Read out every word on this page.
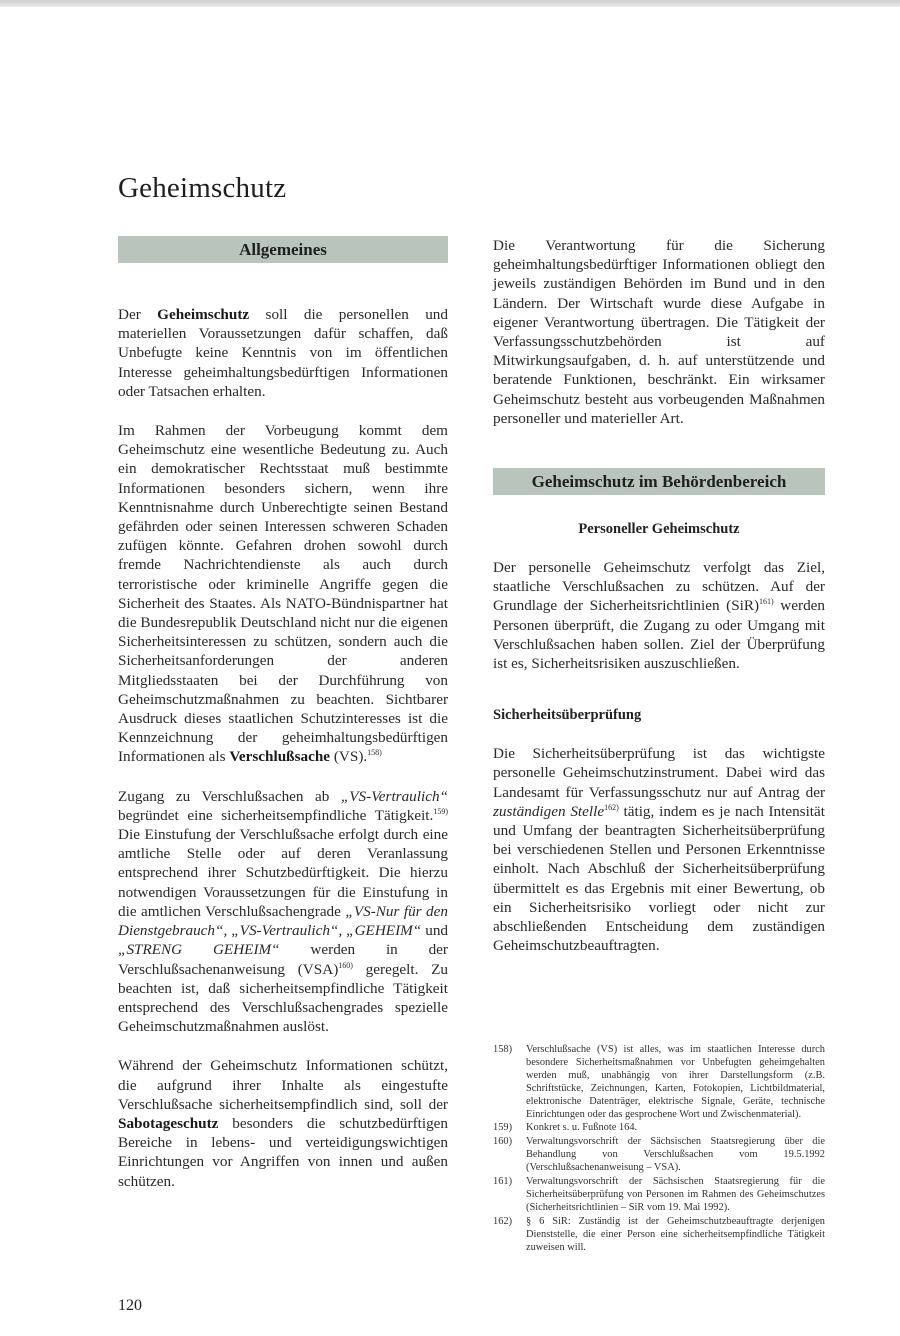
Geheimschutz
Allgemeines

Der Geheimschutz soll die personellen und materiellen Voraussetzungen dafür schaffen, daß Unbefugte keine Kenntnis von im öffentlichen Interesse geheimhaltungsbedürftigen Informationen oder Tatsachen erhalten.

Im Rahmen der Vorbeugung kommt dem Geheimschutz eine wesentliche Bedeutung zu. Auch ein demokratischer Rechtsstaat muß bestimmte Informationen besonders sichern, wenn ihre Kenntnisnahme durch Unberechtigte seinen Bestand gefährden oder seinen Interessen schweren Schaden zufügen könnte. Gefahren drohen sowohl durch fremde Nachrichtendienste als auch durch terroristische oder kriminelle Angriffe gegen die Sicherheit des Staates. Als NATO-Bündnispartner hat die Bundesrepublik Deutschland nicht nur die eigenen Sicherheitsinteressen zu schützen, sondern auch die Sicherheitsanforderungen der anderen Mitgliedsstaaten bei der Durchführung von Geheimschutzmaßnahmen zu beachten. Sichtbarer Ausdruck dieses staatlichen Schutzinteresses ist die Kennzeichnung der geheimhaltungsbedürftigen Informationen als Verschlußsache (VS).$^{158)}$

Zugang zu Verschlußsachen ab „VS-Vertraulich“ begründet eine sicherheitsempfindliche Tätigkeit.$^{159)}$ Die Einstufung der Verschlußsache erfolgt durch eine amtliche Stelle oder auf deren Veranlassung entsprechend ihrer Schutzbedürftigkeit. Die hierzu notwendigen Voraussetzungen für die Einstufung in die amtlichen Verschlußsachengrade „VS-Nur für den Dienstgebrauch“, „VS-Vertraulich“, „GEHEIM“ und „STRENG GEHEIM“ werden in der Verschlußsachenanweisung (VSA)$^{160)}$ geregelt. Zu beachten ist, daß sicherheitsempfindliche Tätigkeit entsprechend des Verschlußsachengrades spezielle Geheimschutzmaßnahmen auslöst.

Während der Geheimschutz Informationen schützt, die aufgrund ihrer Inhalte als eingestufte Verschlußsache sicherheitsempfindlich sind, soll der Sabotageschutz besonders die schutzbedürftigen Bereiche in lebens- und verteidigungswichtigen Einrichtungen vor Angriffen von innen und außen schützen.

Die Verantwortung für die Sicherung geheimhaltungsbedürftiger Informationen obliegt den jeweils zuständigen Behörden im Bund und in den Ländern. Der Wirtschaft wurde diese Aufgabe in eigener Verantwortung übertragen. Die Tätigkeit der Verfassungsschutzbehörden ist auf Mitwirkungsaufgaben, d. h. auf unterstützende und beratende Funktionen, beschränkt. Ein wirksamer Geheimschutz besteht aus vorbeugenden Maßnahmen personeller und materieller Art.

Geheimschutz im Behördenbereich
Personeller Geheimschutz

Der personelle Geheimschutz verfolgt das Ziel, staatliche Verschlußsachen zu schützen. Auf der Grundlage der Sicherheitsrichtlinien (SiR)$^{161)}$ werden Personen überprüft, die Zugang zu oder Umgang mit Verschlußsachen haben sollen. Ziel der Überprüfung ist es, Sicherheitsrisiken auszuschließen.

Sicherheitsüberprüfung

Die Sicherheitsüberprüfung ist das wichtigste personelle Geheimschutzinstrument. Dabei wird das Landesamt für Verfassungsschutz nur auf Antrag der zuständigen Stelle$^{162)}$ tätig, indem es je nach Intensität und Umfang der beantragten Sicherheitsüberprüfung bei verschiedenen Stellen und Personen Erkenntnisse einholt. Nach Abschluß der Sicherheitsüberprüfung übermittelt es das Ergebnis mit einer Bewertung, ob ein Sicherheitsrisiko vorliegt oder nicht zur abschließenden Entscheidung dem zuständigen Geheimschutzbeauftragten.

158)	Verschlußsache (VS) ist alles, was im staatlichen Interesse durch besondere Sicherheitsmaßnahmen vor Unbefugten geheimgehalten werden muß, unabhängig von ihrer Darstellungsform (z.B. Schriftstücke, Zeichnungen, Karten, Fotokopien, Lichtbildmaterial, elektronische Datenträger, elektrische Signale, Geräte, technische Einrichtungen oder das gesprochene Wort und Zwischenmaterial).
159)	Konkret s. u. Fußnote 164.
160)	Verwaltungsvorschrift der Sächsischen Staatsregierung über die Behandlung von Verschlußsachen vom 19.5.1992 (Verschlußsachenanweisung – VSA).
161)	Verwaltungsvorschrift der Sächsischen Staatsregierung für die Sicherheitsüberprüfung von Personen im Rahmen des Geheimschutzes (Sicherheitsrichtlinien – SiR vom 19. Mai 1992).
162)	§ 6 SiR: Zuständig ist der Geheimschutzbeauftragte derjenigen Dienststelle, die einer Person eine sicherheitsempfindliche Tätigkeit zuweisen will.
120
